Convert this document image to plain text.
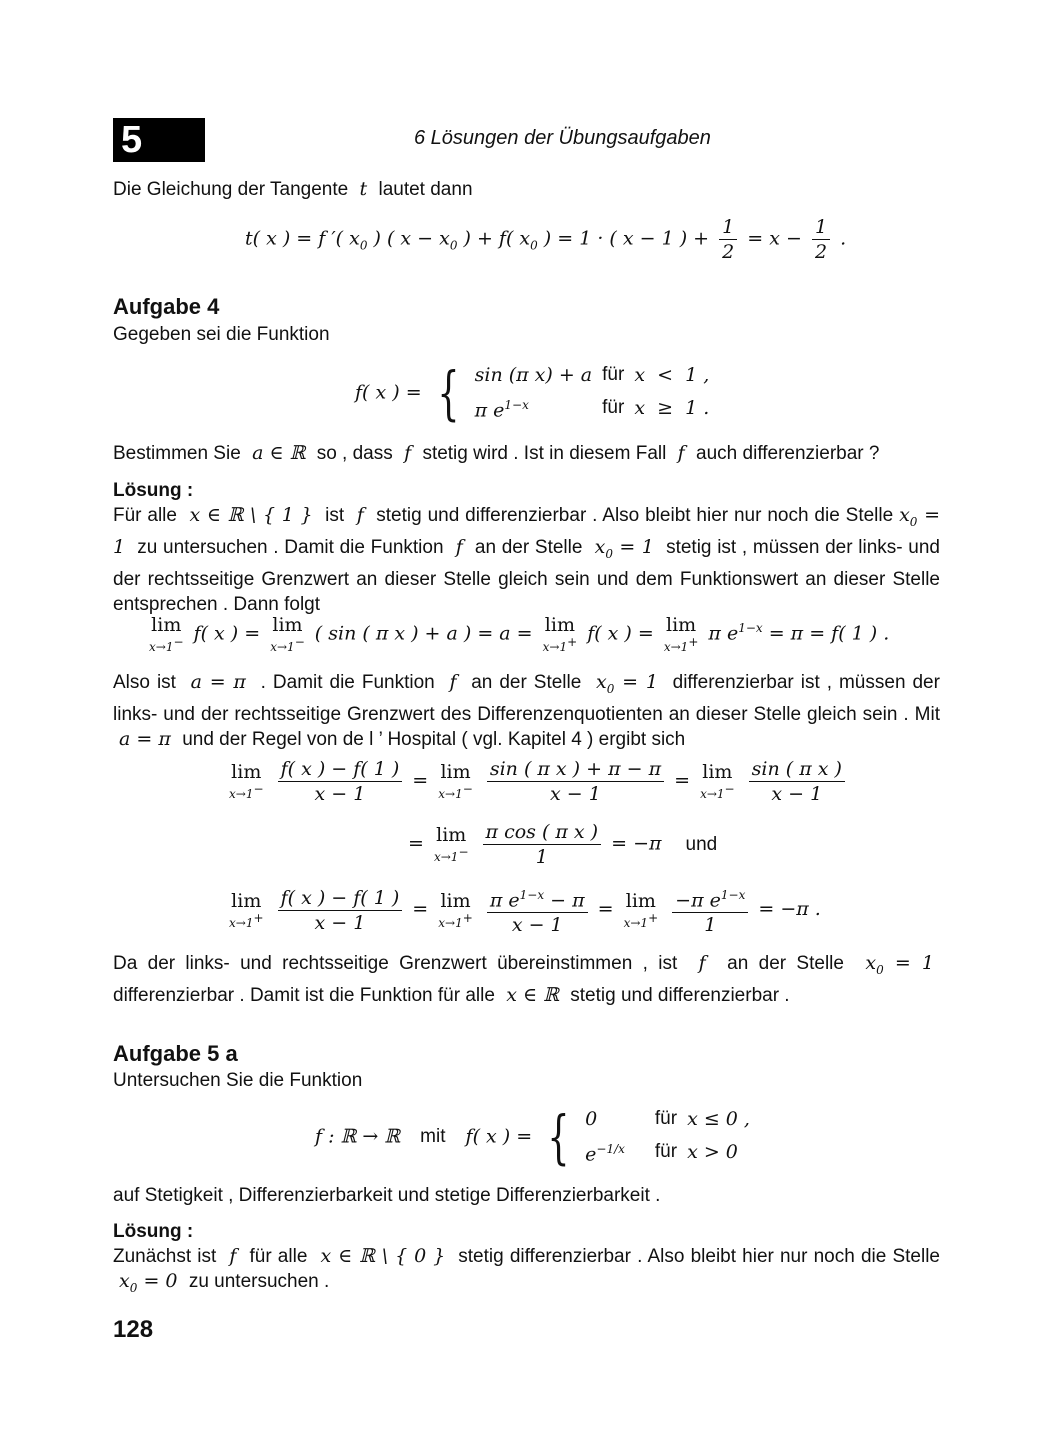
5	6 Lösungen der Übungsaufgaben
Die Gleichung der Tangente  t  lautet dann
t( x ) = f ′( $x_0$ ) ( $x - x_0$ ) + f( $x_0$ ) = 1 · ( x − 1 ) + $\frac{1}{2} = x - \frac{1}{2}$ .
Aufgabe 4
Gegeben sei die Funktion
f( x ) = { sin (π x) + a	für	x  <  1 ,
π $e^{1-x}$	für	x  ≥  1 .
Bestimmen Sie  a ∈ ℝ so , dass  f  stetig wird . Ist in diesem Fall  f  auch differenzierbar ?
Lösung :
Für alle  x ∈ ℝ \ { 1 } ist  f  stetig und differenzierbar . Also bleibt hier nur noch die Stelle $x_0 = 1$  zu untersuchen . Damit die Funktion  f  an der Stelle  $x_0 = 1$  stetig ist , müssen der links- und der rechtsseitige Grenzwert an dieser Stelle gleich sein und dem Funktionswert an dieser Stelle entsprechen . Dann folgt
lim
x→1− f( x ) = lim
x→1− ( sin ( π x ) + a ) = a = lim
x→1+ f( x ) = lim
x→1+ π $e^{1-x} = \pi = f$( 1 ) .
Also ist  a = π  . Damit die Funktion  f  an der Stelle  $x_0 = 1$  differenzierbar ist , müssen der links- und der rechtsseitige Grenzwert des Differenzenquotienten an dieser Stelle gleich sein . Mit  a = π  und der Regel von de l ’ Hospital ( vgl. Kapitel 4 ) ergibt sich
lim
x→1−
$\frac{f( x ) - f( 1 )}{x - 1} = \lim$
x→1−
$\frac{\text{sin ( π x ) + π − π}}{x - 1} = \lim$
x→1−
$\frac{\text{sin ( π x )}}{x - 1}$
= lim
x→1−
$\frac{\text{π cos ( π x )}}{1} = -\pi$ und
lim
x→1+
$\frac{f( x ) - f( 1 )}{x - 1} = \lim$
x→1+
$\frac{\pi e^{1-x} - \pi}{x - 1} = \lim$
x→1+
$\frac{-\pi e^{1-x}}{1} = -\pi$ .
Da der links- und rechtsseitige Grenzwert übereinstimmen , ist  f  an der Stelle  $x_0 = 1$  differenzierbar . Damit ist die Funktion für alle  x ∈ ℝ stetig und differenzierbar .
Aufgabe 5 a
Untersuchen Sie die Funktion
f : ℝ → ℝ mit f( x ) = { 0	für	x ≤ 0 ,
$e^{-1/x}$	für	x > 0
auf Stetigkeit , Differenzierbarkeit und stetige Differenzierbarkeit .
Lösung :
Zunächst ist  f  für alle  x ∈ ℝ \ { 0 } stetig differenzierbar . Also bleibt hier nur noch die Stelle  $x_0 = 0$  zu untersuchen .
128
